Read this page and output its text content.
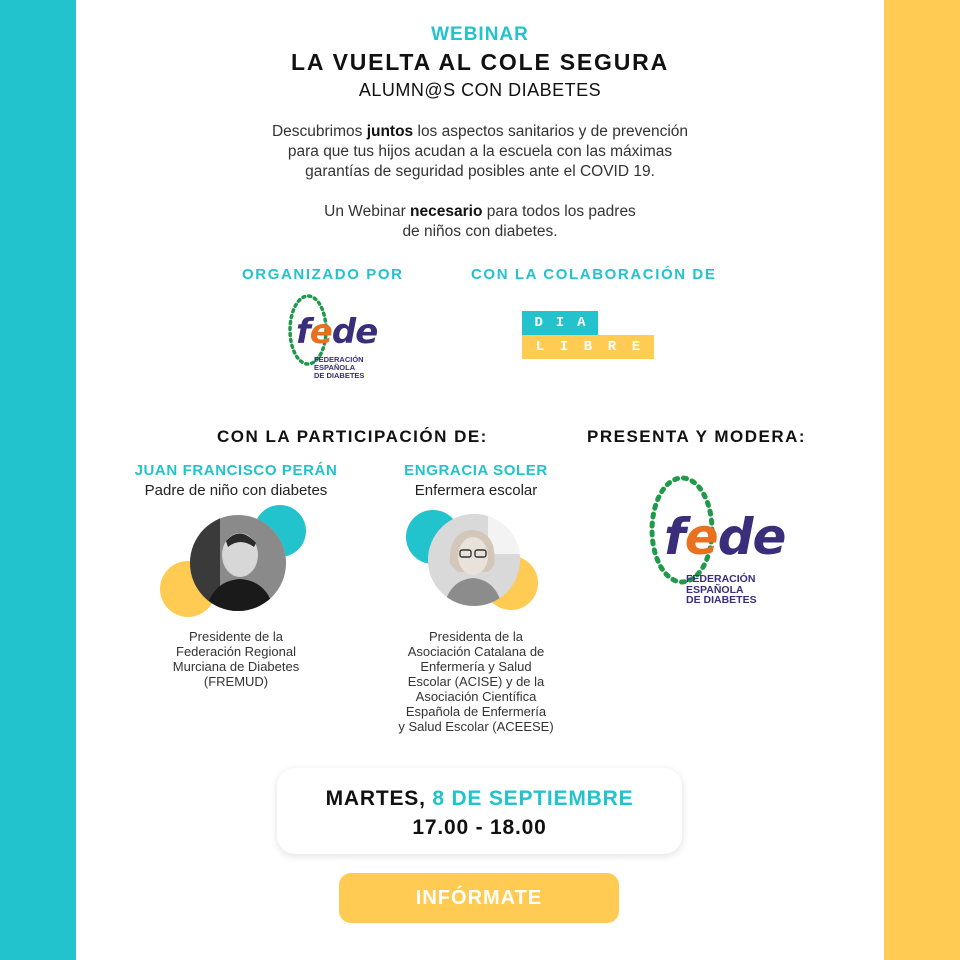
WEBINAR
LA VUELTA AL COLE SEGURA
ALUMN@S CON DIABETES
Descubrimos juntos los aspectos sanitarios y de prevención
para que tus hijos acudan a la escuela con las máximas
garantías de seguridad posibles ante el COVID 19.
Un Webinar necesario para todos los padres
de niños con diabetes.
ORGANIZADO POR	CON LA COLABORACIÓN DE
fede
FEDERACIÓN
ESPAÑOLA
DE DIABETES
D I A
L I B R E
CON LA PARTICIPACIÓN DE:	PRESENTA Y MODERA:
JUAN FRANCISCO PERÁN
Padre de niño con diabetes
Presidente de la
Federación Regional
Murciana de Diabetes
(FREMUD)
ENGRACIA SOLER
Enfermera escolar
Presidenta de la
Asociación Catalana de
Enfermería y Salud
Escolar (ACISE) y de la
Asociación Científica
Española de Enfermería
y Salud Escolar (ACEESE)
fede
FEDERACIÓN
ESPAÑOLA
DE DIABETES
MARTES, 8 DE SEPTIEMBRE
17.00 - 18.00
INFÓRMATE
